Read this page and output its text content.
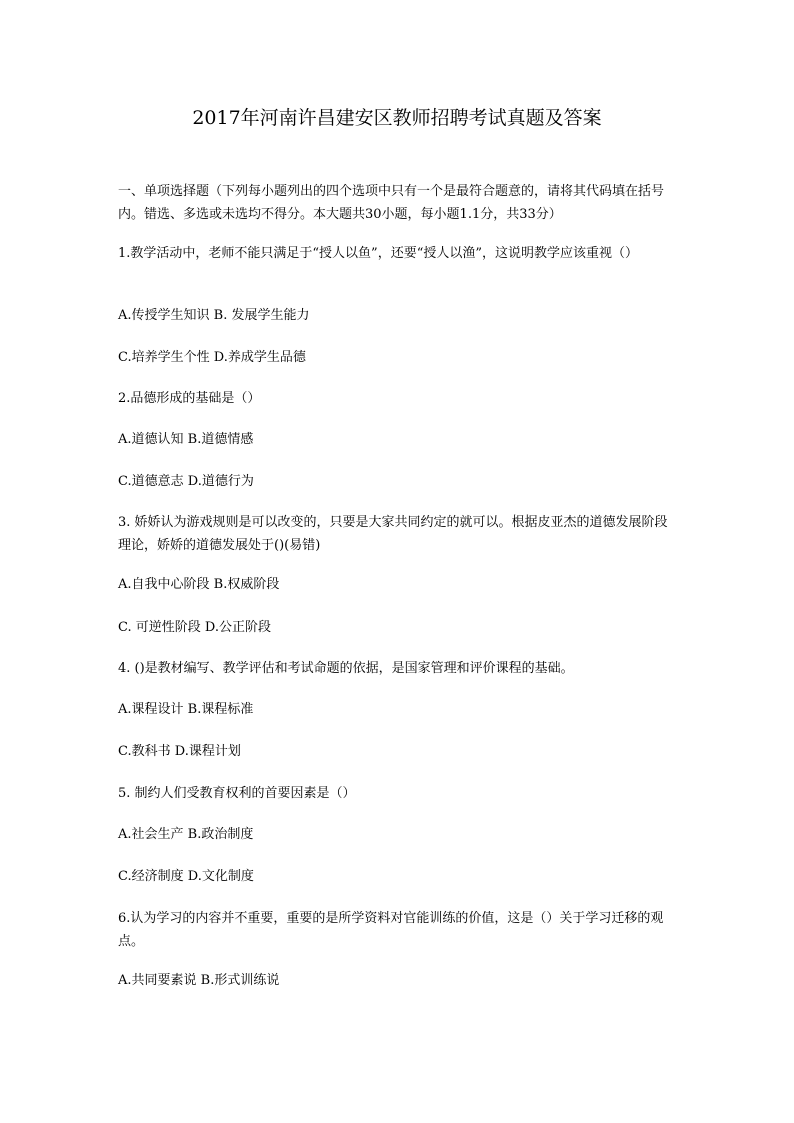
2017年河南许昌建安区教师招聘考试真题及答案
一、单项选择题（下列每小题列出的四个选项中只有一个是最符合题意的，请将其代码填在括号内。错选、多选或未选均不得分。本大题共30小题，每小题1.1分，共33分）
1.教学活动中，老师不能只满足于“授人以鱼”，还要“授人以渔”，这说明教学应该重视（）
A.传授学生知识 B. 发展学生能力
C.培养学生个性 D.养成学生品德
2.品德形成的基础是（）
A.道德认知 B.道德情感
C.道德意志 D.道德行为
3. 娇娇认为游戏规则是可以改变的，只要是大家共同约定的就可以。根据皮亚杰的道德发展阶段理论，娇娇的道德发展处于()(易错)
A.自我中心阶段 B.权威阶段
C. 可逆性阶段 D.公正阶段
4. ()是教材编写、教学评估和考试命题的依据，是国家管理和评价课程的基础。
A.课程设计 B.课程标准
C.教科书 D.课程计划
5. 制约人们受教育权利的首要因素是（）
A.社会生产 B.政治制度
C.经济制度 D.文化制度
6.认为学习的内容并不重要，重要的是所学资料对官能训练的价值，这是（）关于学习迁移的观点。
A.共同要素说 B.形式训练说
